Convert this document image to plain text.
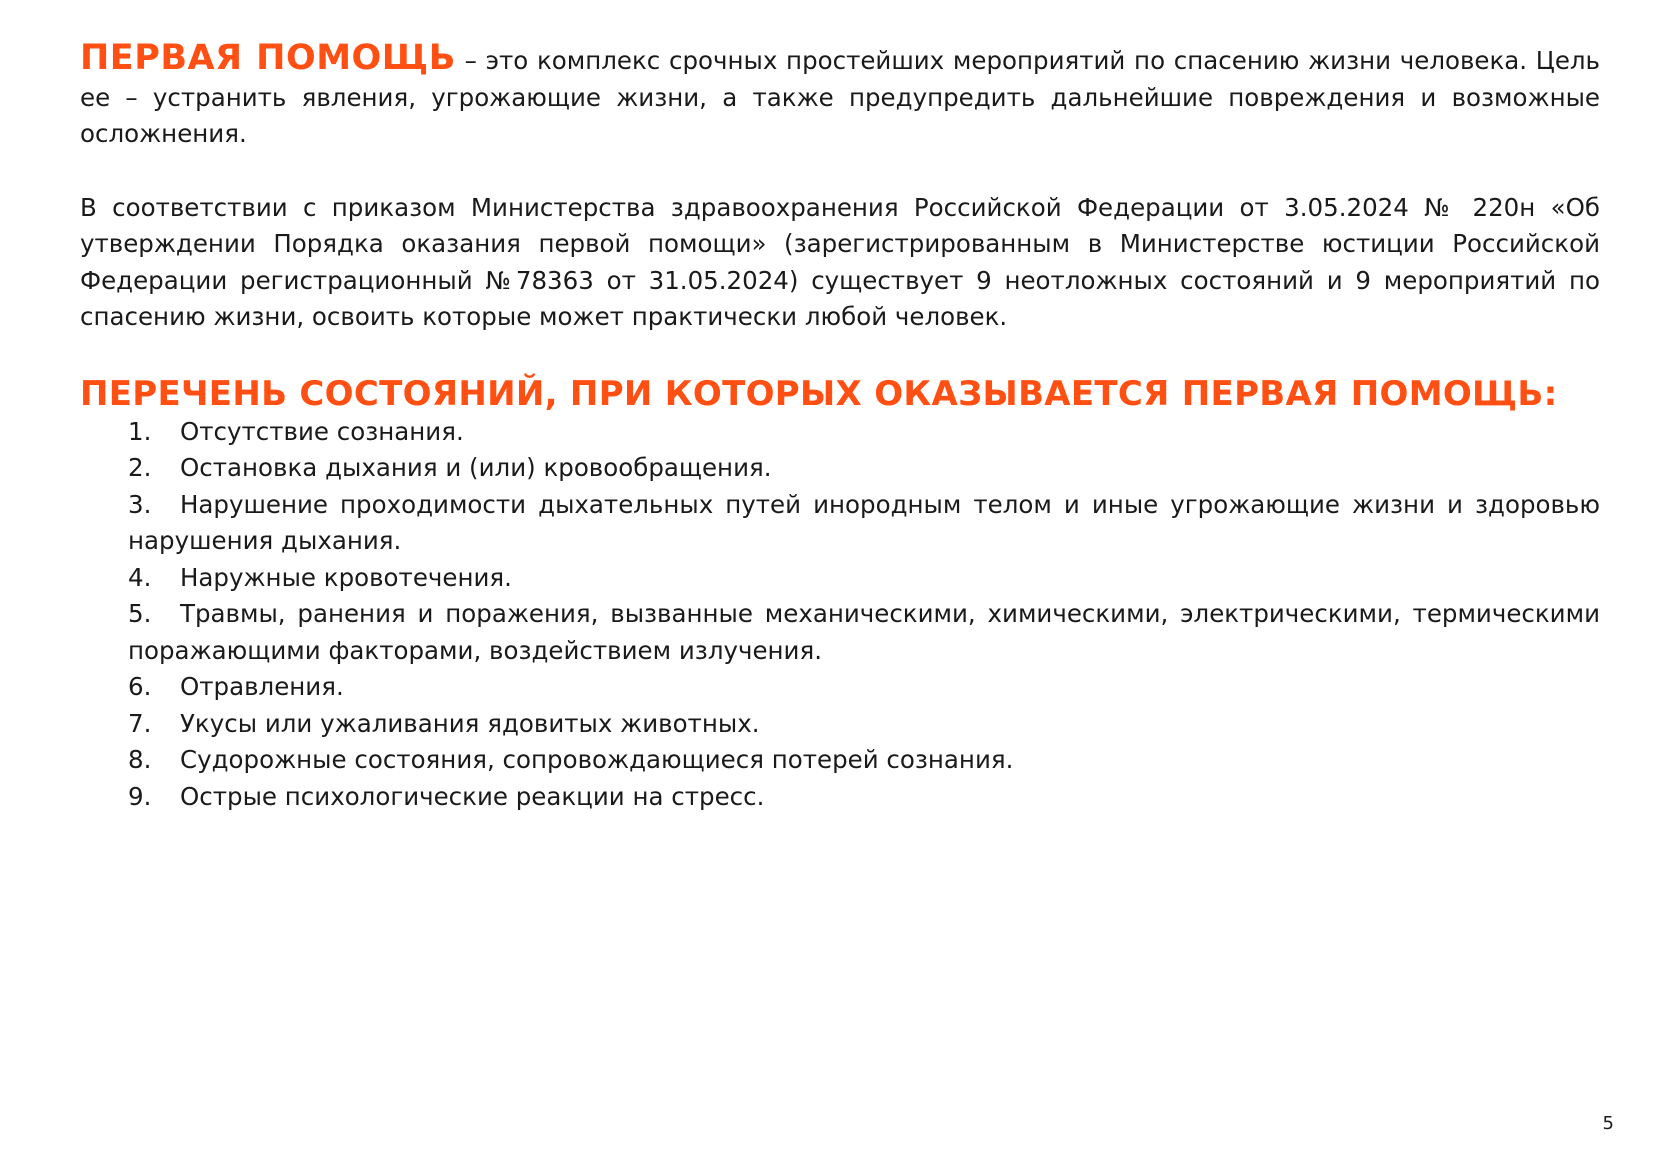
ПЕРВАЯ ПОМОЩЬ – это комплекс срочных простейших мероприятий по спасению жизни человека. Цель ее – устранить явления, угрожающие жизни, а также предупредить дальнейшие повреждения и возможные осложнения.

В соответствии с приказом Министерства здравоохранения Российской Федерации от 3.05.2024 № 220н «Об утверждении Порядка оказания первой помощи» (зарегистрированным в Министерстве юстиции Российской Федерации регистрационный №78363 от 31.05.2024) существует 9 неотложных состояний и 9 мероприятий по спасению жизни, освоить которые может практически любой человек.

ПЕРЕЧЕНЬ СОСТОЯНИЙ, ПРИ КОТОРЫХ ОКАЗЫВАЕТСЯ ПЕРВАЯ ПОМОЩЬ:
1. Отсутствие сознания.
2. Остановка дыхания и (или) кровообращения.
3. Нарушение проходимости дыхательных путей инородным телом и иные угрожающие жизни и здоровью нарушения дыхания.
4. Наружные кровотечения.
5. Травмы, ранения и поражения, вызванные механическими, химическими, электрическими, термическими поражающими факторами, воздействием излучения.
6. Отравления.
7. Укусы или ужаливания ядовитых животных.
8. Судорожные состояния, сопровождающиеся потерей сознания.
9. Острые психологические реакции на стресс.
5
